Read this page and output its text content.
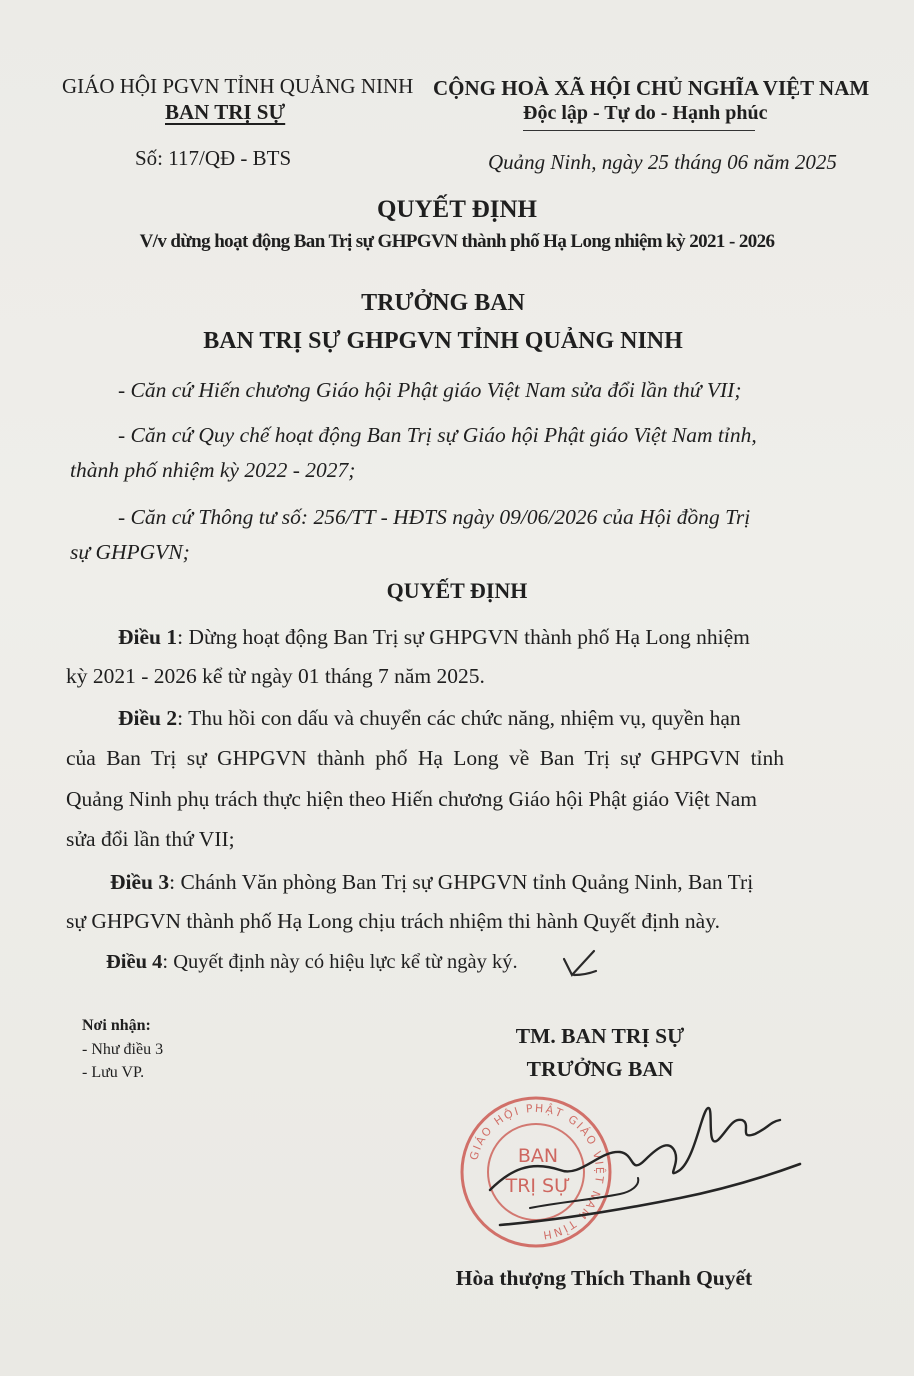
GIÁO HỘI PGVN TỈNH QUẢNG NINH
BAN TRỊ SỰ
Số: 117/QĐ - BTS
CỘNG HOÀ XÃ HỘI CHỦ NGHĨA VIỆT NAM
Độc lập - Tự do - Hạnh phúc
Quảng Ninh, ngày 25 tháng 06 năm 2025
QUYẾT ĐỊNH
V/v dừng hoạt động Ban Trị sự GHPGVN thành phố Hạ Long nhiệm kỳ 2021 - 2026
TRƯỞNG BAN
BAN TRỊ SỰ GHPGVN TỈNH QUẢNG NINH
- Căn cứ Hiến chương Giáo hội Phật giáo Việt Nam sửa đổi lần thứ VII;
- Căn cứ Quy chế hoạt động Ban Trị sự Giáo hội Phật giáo Việt Nam tỉnh,
thành phố nhiệm kỳ 2022 - 2027;
- Căn cứ Thông tư số: 256/TT - HĐTS ngày 09/06/2026 của Hội đồng Trị
sự GHPGVN;
QUYẾT ĐỊNH
Điều 1: Dừng hoạt động Ban Trị sự GHPGVN thành phố Hạ Long nhiệm
kỳ 2021 - 2026 kể từ ngày 01 tháng 7 năm 2025.
Điều 2: Thu hồi con dấu và chuyển các chức năng, nhiệm vụ, quyền hạn
của Ban Trị sự GHPGVN thành phố Hạ Long về Ban Trị sự GHPGVN tỉnh
Quảng Ninh phụ trách thực hiện theo Hiến chương Giáo hội Phật giáo Việt Nam
sửa đổi lần thứ VII;
Điều 3: Chánh Văn phòng Ban Trị sự GHPGVN tỉnh Quảng Ninh, Ban Trị
sự GHPGVN thành phố Hạ Long chịu trách nhiệm thi hành Quyết định này.
Điều 4: Quyết định này có hiệu lực kể từ ngày ký.
Nơi nhận:
- Như điều 3
- Lưu VP.
TM. BAN TRỊ SỰ
TRƯỞNG BAN
GIÁO HỘI PHẬT GIÁO VIỆT NAM TỈNH
BAN
TRỊ SỰ
Hòa thượng Thích Thanh Quyết
